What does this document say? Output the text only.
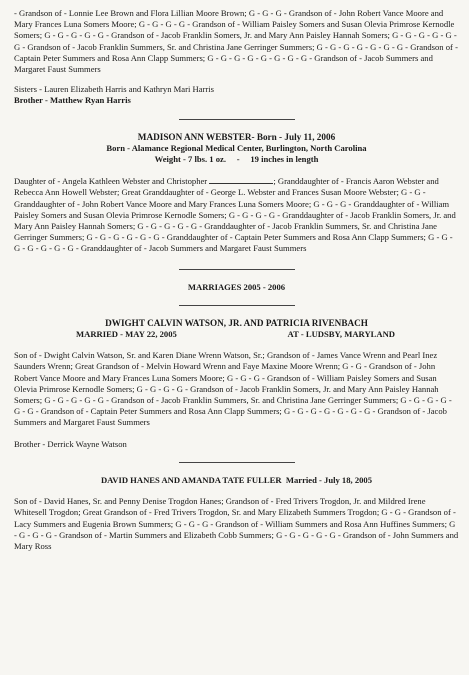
- Grandson of - Lonnie Lee Brown and Flora Lillian Moore Brown; G - G - G - Grandson of - John Robert Vance Moore and Mary Frances Luna Somers Moore; G - G - G - G - Grandson of - William Paisley Somers and Susan Olevia Primrose Kernodle Somers; G - G - G - G - G - Grandson of - Jacob Franklin Somers, Jr. and Mary Ann Paisley Hannah Somers; G - G - G - G - G - G - Grandson of - Jacob Franklin Summers, Sr. and Christina Jane Gerringer Summers; G - G - G - G - G - G - G - Grandson of - Captain Peter Summers and Rosa Ann Clapp Summers; G - G - G - G - G - G - G - G - Grandson of - Jacob Summers and Margaret Faust Summers

Sisters - Lauren Elizabeth Harris and Kathryn Mari Harris

Brother - Matthew Ryan Harris

MADISON ANN WEBSTER- Born - July 11, 2006

Born - Alamance Regional Medical Center, Burlington, North Carolina

Weight - 7 lbs. 1 oz.     -     19 inches in length

Daughter of - Angela Kathleen Webster and Christopher	; Granddaughter of - Francis Aaron Webster and Rebecca Ann Howell Webster; Great Granddaughter of - George L. Webster and Frances Susan Moore Webster; G - G - Granddaughter of - John Robert Vance Moore and Mary Frances Luna Somers Moore; G - G - G - Granddaughter of - William Paisley Somers and Susan Olevia Primrose Kernodle Somers; G - G - G - G - Granddaughter of - Jacob Franklin Somers, Jr. and Mary Ann Paisley Hannah Somers; G - G - G - G - G - Granddaughter of - Jacob Franklin Summers, Sr. and Christina Jane Gerringer Summers; G - G - G - G - G - G - Granddaughter of - Captain Peter Summers and Rosa Ann Clapp Summers; G - G - G - G - G - G - G - Granddaughter of - Jacob Summers and Margaret Faust Summers

MARRIAGES 2005 - 2006

DWIGHT CALVIN WATSON, JR. AND PATRICIA RIVENBACH

MARRIED - MAY 22, 2005	AT - LUDSBY, MARYLAND

Son of - Dwight Calvin Watson, Sr. and Karen Diane Wrenn Watson, Sr.; Grandson of - James Vance Wrenn and Pearl Inez Saunders Wrenn; Great Grandson of - Melvin Howard Wrenn and Faye Maxine Moore Wrenn; G - G - Grandson of - John Robert Vance Moore and Mary Frances Luna Somers Moore; G - G - G - Grandson of - William Paisley Somers and Susan Olevia Primrose Kernodle Somers; G - G - G - G - Grandson of - Jacob Franklin Somers, Jr. and Mary Ann Paisley Hannah Somers; G - G - G - G - G - Grandson of - Jacob Franklin Summers, Sr. and Christina Jane Gerringer Summers; G - G - G - G - G - G - Grandson of - Captain Peter Summers and Rosa Ann Clapp Summers; G - G - G - G - G - G - G - Grandson of - Jacob Summers and Margaret Faust Summers

Brother - Derrick Wayne Watson

DAVID HANES AND AMANDA TATE FULLER  Married - July 18, 2005

Son of - David Hanes, Sr. and Penny Denise Trogdon Hanes; Grandson of - Fred Trivers Trogdon, Jr. and Mildred Irene Whitesell Trogdon; Great Grandson of - Fred Trivers Trogdon, Sr. and Mary Elizabeth Summers Trogdon; G - G - Grandson of - Lacy Summers and Eugenia Brown Summers; G - G - G - Grandson of - William Summers and Rosa Ann Huffines Summers; G - G - G - G - Grandson of - Martin Summers and Elizabeth Cobb Summers; G - G - G - G - G - Grandson of - John Summers and Mary Ross
